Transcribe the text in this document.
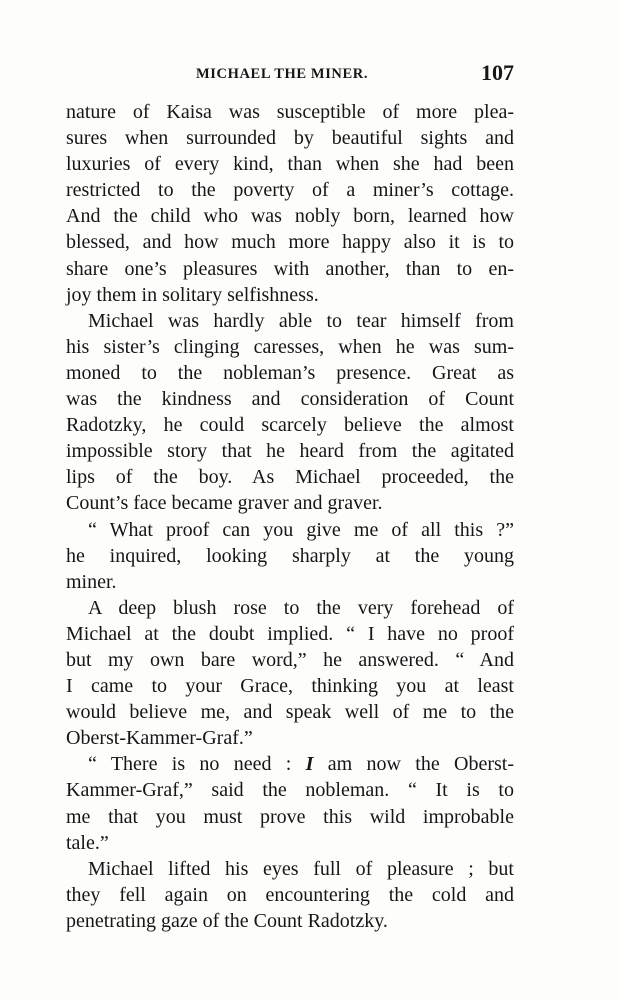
MICHAEL THE MINER.	107
nature of Kaisa was susceptible of more plea-
sures when surrounded by beautiful sights and
luxuries of every kind, than when she had been
restricted to the poverty of a miner’s cottage.
And the child who was nobly born, learned how
blessed, and how much more happy also it is to
share one’s pleasures with another, than to en-
joy them in solitary selfishness.
Michael was hardly able to tear himself from
his sister’s clinging caresses, when he was sum-
moned to the nobleman’s presence. Great as
was the kindness and consideration of Count
Radotzky, he could scarcely believe the almost
impossible story that he heard from the agitated
lips of the boy. As Michael proceeded, the
Count’s face became graver and graver.
“ What proof can you give me of all this ?”
he inquired, looking sharply at the young
miner.
A deep blush rose to the very forehead of
Michael at the doubt implied. “ I have no proof
but my own bare word,” he answered. “ And
I came to your Grace, thinking you at least
would believe me, and speak well of me to the
Oberst-Kammer-Graf.”
“ There is no need : I am now the Oberst-
Kammer-Graf,” said the nobleman. “ It is to
me that you must prove this wild improbable
tale.”
Michael lifted his eyes full of pleasure ; but
they fell again on encountering the cold and
penetrating gaze of the Count Radotzky.
